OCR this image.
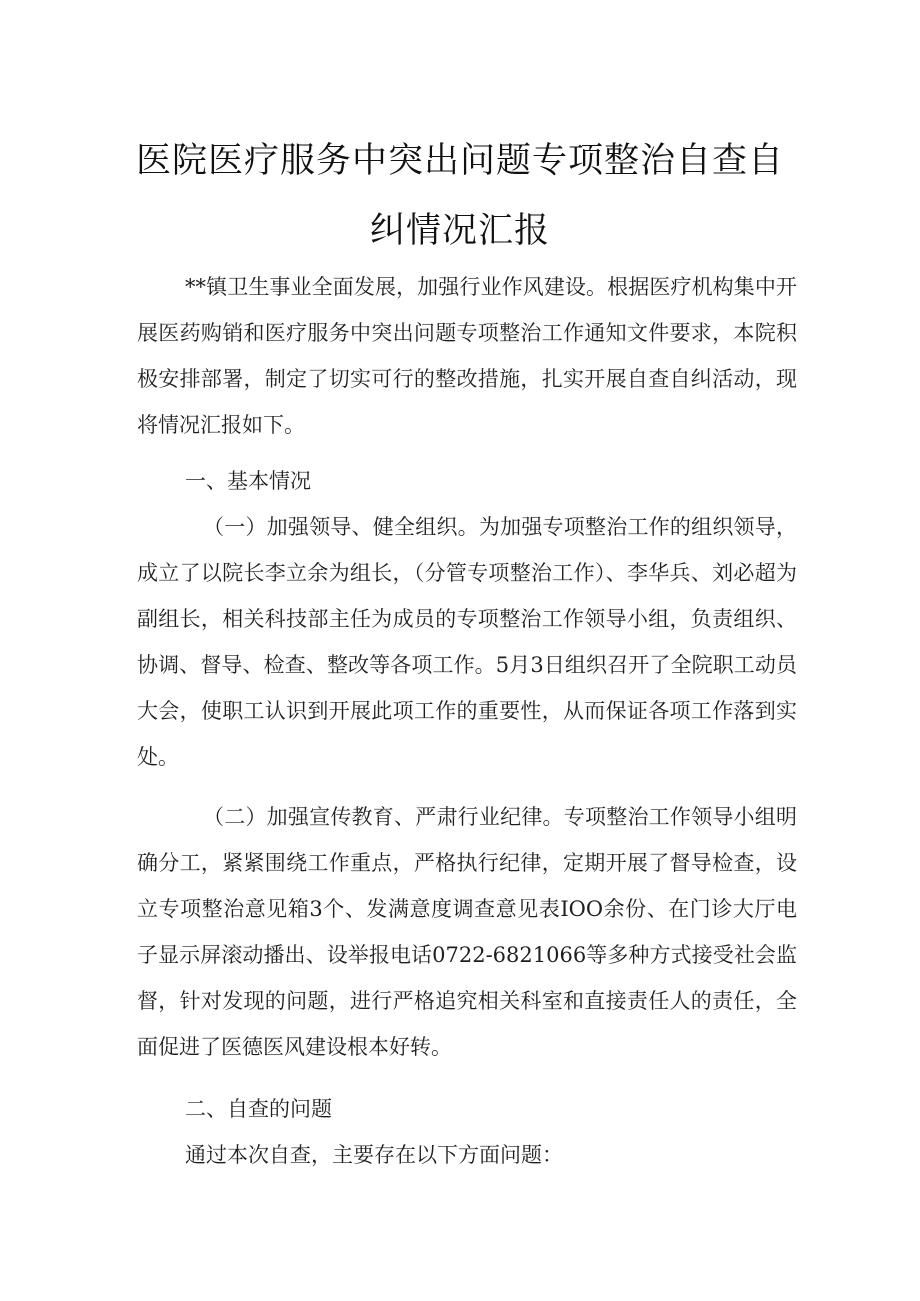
医院医疗服务中突出问题专项整治自查自
纠情况汇报

**镇卫生事业全面发展，加强行业作风建设。根据医疗机构集中开展医药购销和医疗服务中突出问题专项整治工作通知文件要求，本院积极安排部署，制定了切实可行的整改措施，扎实开展自查自纠活动，现将情况汇报如下。

一、基本情况

（一）加强领导、健全组织。为加强专项整治工作的组织领导，成立了以院长李立余为组长，（分管专项整治工作）、李华兵、刘必超为副组长，相关科技部主任为成员的专项整治工作领导小组，负责组织、协调、督导、检查、整改等各项工作。5月3日组织召开了全院职工动员大会，使职工认识到开展此项工作的重要性，从而保证各项工作落到实处。

（二）加强宣传教育、严肃行业纪律。专项整治工作领导小组明确分工，紧紧围绕工作重点，严格执行纪律，定期开展了督导检查，设立专项整治意见箱3个、发满意度调查意见表IOO余份、在门诊大厅电子显示屏滚动播出、设举报电话0722-6821066等多种方式接受社会监督，针对发现的问题，进行严格追究相关科室和直接责任人的责任，全面促进了医德医风建设根本好转。

二、自查的问题

通过本次自查，主要存在以下方面问题：
